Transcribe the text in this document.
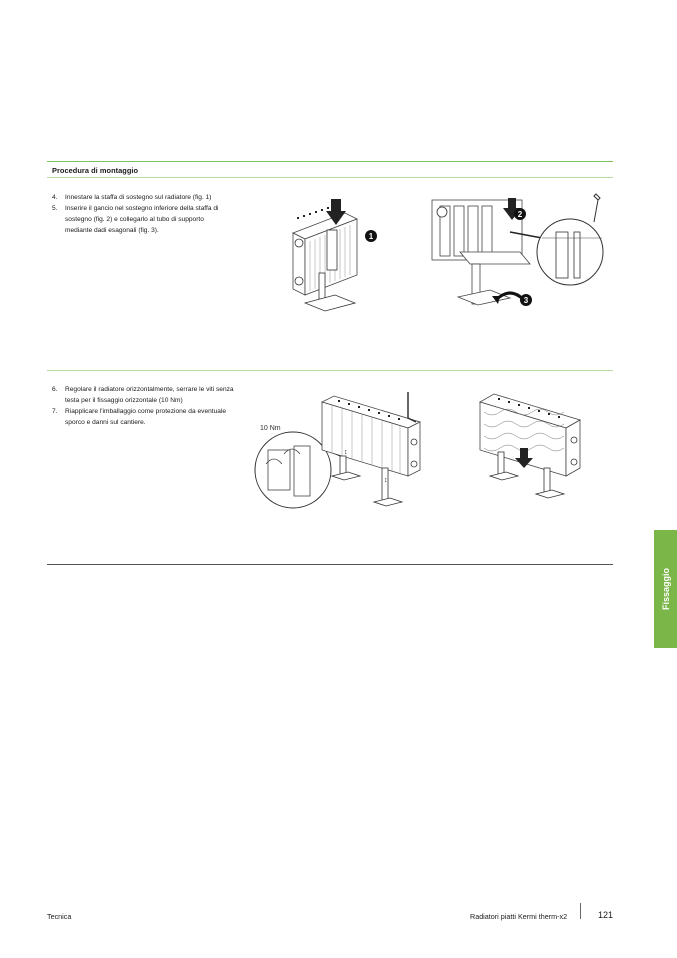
Procedura di montaggio
4. Innestare la staffa di sostegno sul radiatore (fig. 1)
5. Inserire il gancio nel sostegno inferiore della staffa di sostegno (fig. 2) e collegarlo al tubo di supporto mediante dadi esagonali (fig. 3).
1
2
3
6. Regolare il radiatore orizzontalmente, serrare le viti senza testa per il fissaggio orizzontale (10 Nm)
7. Riapplicare l'imballaggio come protezione da eventuale sporco e danni sul cantiere.
10 Nm
↕
↕
Fissaggio
Tecnica	Radiatori piatti Kermi therm-x2	121
